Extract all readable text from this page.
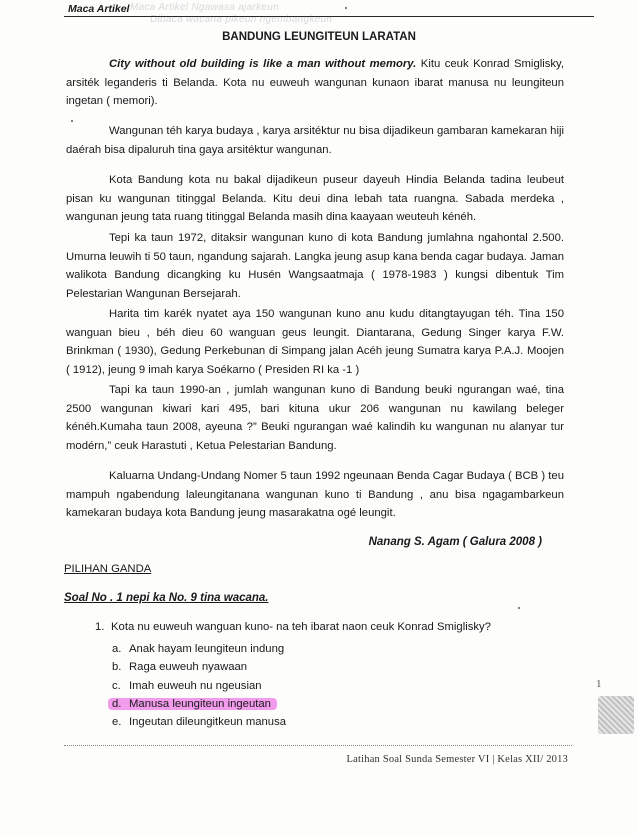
Maca Artikel Ngawasa ajarkeun
Dibaca wacana pikeun ngembangkeun
Maca Artikel
BANDUNG LEUNGITEUN LARATAN
City without old building is like a man without memory. Kitu ceuk Konrad Smiglisky, arsiték leganderis ti Belanda. Kota nu euweuh wangunan kunaon ibarat manusa nu leungiteun ingetan ( memori).
Wangunan téh karya budaya , karya arsitéktur nu bisa dijadikeun gambaran kamekaran hiji daérah bisa dipaluruh tina gaya arsitéktur wangunan.
Kota Bandung kota nu bakal dijadikeun puseur dayeuh Hindia Belanda tadina leubeut pisan ku wangunan titinggal Belanda. Kitu deui dina lebah tata ruangna. Sabada merdeka , wangunan jeung tata ruang titinggal Belanda masih dina kaayaan weuteuh kénéh.
Tepi ka taun 1972, ditaksir wangunan kuno di kota Bandung jumlahna ngahontal 2.500. Umurna leuwih ti 50 taun, ngandung sajarah. Langka jeung asup kana benda cagar budaya. Jaman walikota Bandung dicangking ku Husén Wangsaatmaja ( 1978-1983 ) kungsi dibentuk Tim Pelestarian Wangunan Bersejarah.
Harita tim karék nyatet aya 150 wangunan kuno anu kudu ditangtayugan téh. Tina 150 wanguan bieu , béh dieu 60 wanguan geus leungit. Diantarana, Gedung Singer karya F.W. Brinkman ( 1930), Gedung Perkebunan di Simpang jalan Acéh jeung Sumatra karya P.A.J. Moojen ( 1912), jeung 9 imah karya Soékarno ( Presiden RI ka -1 )
Tapi ka taun 1990-an , jumlah wangunan kuno di Bandung beuki ngurangan waé, tina 2500 wangunan kiwari kari 495, bari kituna ukur 206 wangunan nu kawilang beleger kénéh.Kumaha taun 2008, ayeuna ?” Beuki ngurangan waé kalindih ku wangunan nu alanyar tur modérn,” ceuk Harastuti , Ketua Pelestarian Bandung.
Kaluarna Undang-Undang Nomer 5 taun 1992 ngeunaan Benda Cagar Budaya ( BCB ) teu mampuh ngabendung laleungitanana wangunan kuno ti Bandung , anu bisa ngagambarkeun kamekaran budaya kota Bandung jeung masarakatna ogé leungit.
Nanang S. Agam ( Galura 2008 )
PILIHAN GANDA
Soal No . 1 nepi ka No. 9 tina wacana.
1. Kota nu euweuh wanguan kuno- na teh ibarat naon ceuk Konrad Smiglisky?
a. Anak hayam leungiteun indung
b. Raga euweuh nyawaan
c. Imah euweuh nu ngeusian
d. Manusa leungiteun ingeutan
e. Ingeutan dileungitkeun manusa
1
Latihan Soal Sunda Semester VI | Kelas XII/ 2013
